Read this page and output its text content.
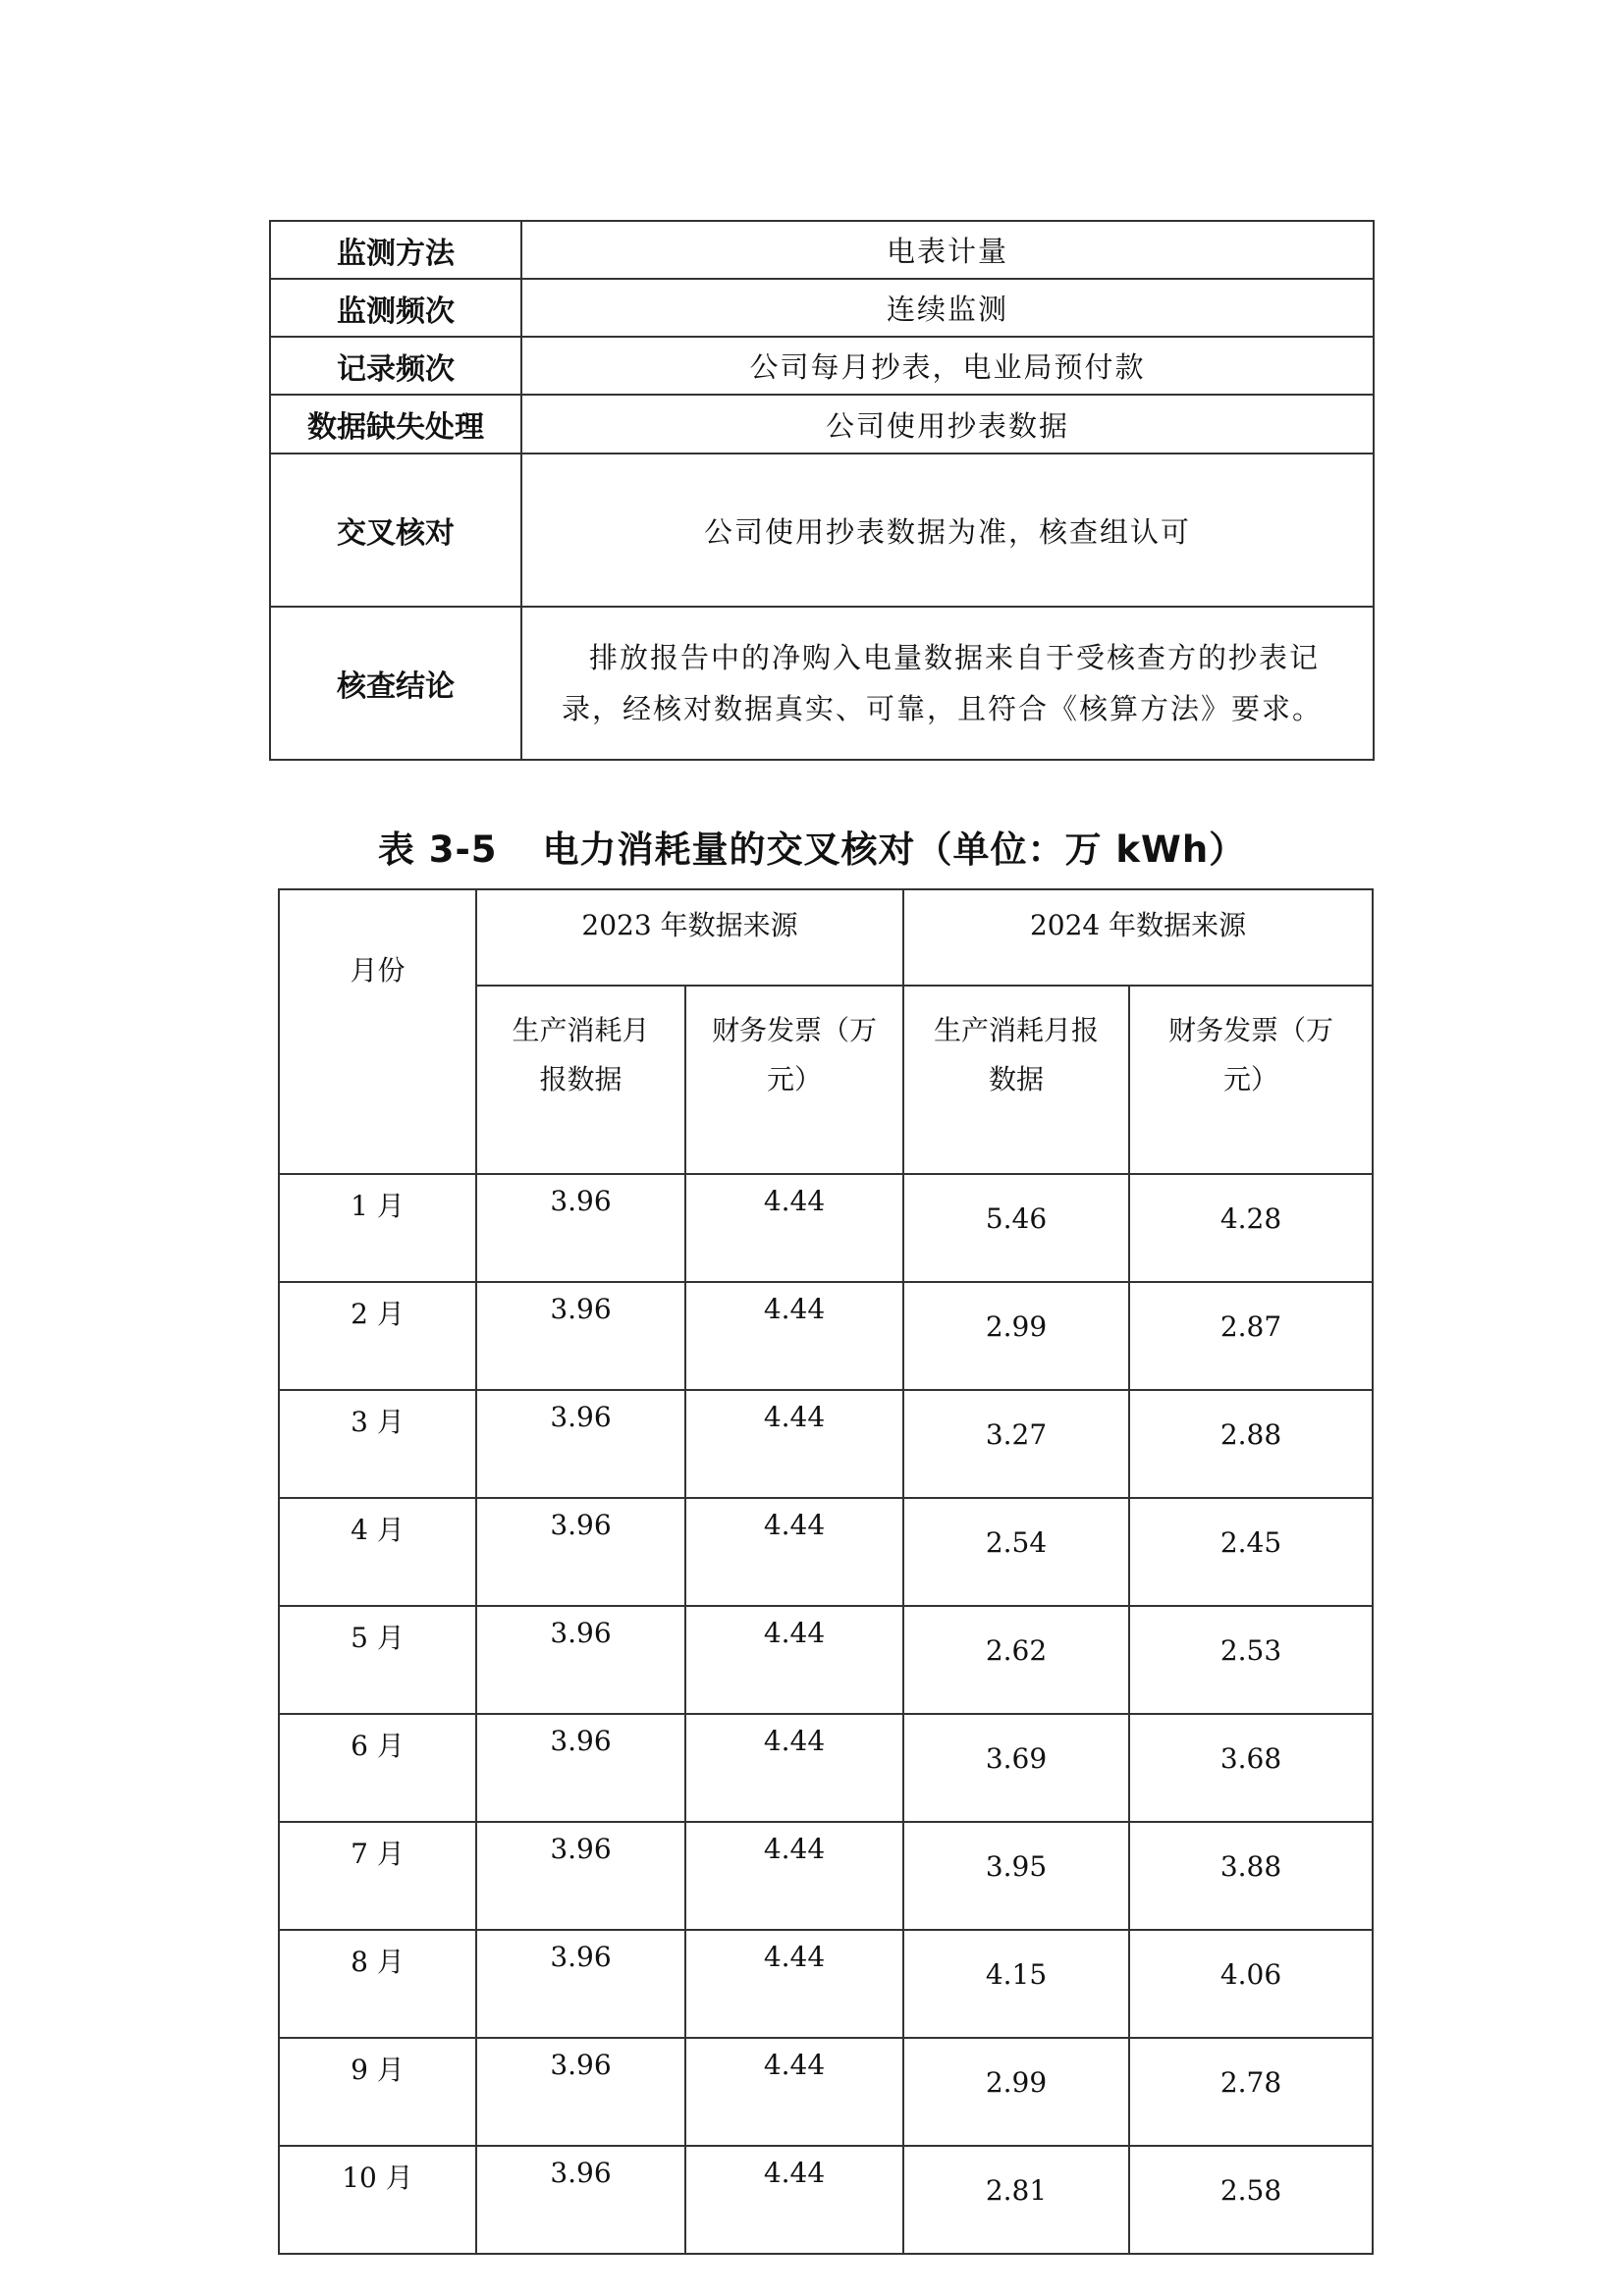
监测方法	电表计量
监测频次	连续监测
记录频次	公司每月抄表，电业局预付款
数据缺失处理	公司使用抄表数据
交叉核对	公司使用抄表数据为准，核查组认可
核查结论	排放报告中的净购入电量数据来自于受核查方的抄表记录，经核对数据真实、可靠，且符合《核算方法》要求。

表 3-5 电力消耗量的交叉核对（单位：万 kWh）

月份	2023 年数据来源		2024 年数据来源	
	生产消耗月报数据	财务发票（万元）	生产消耗月报数据	财务发票（万元）
1 月	3.96	4.44	5.46	4.28
2 月	3.96	4.44	2.99	2.87
3 月	3.96	4.44	3.27	2.88
4 月	3.96	4.44	2.54	2.45
5 月	3.96	4.44	2.62	2.53
6 月	3.96	4.44	3.69	3.68
7 月	3.96	4.44	3.95	3.88
8 月	3.96	4.44	4.15	4.06
9 月	3.96	4.44	2.99	2.78
10 月	3.96	4.44	2.81	2.58
